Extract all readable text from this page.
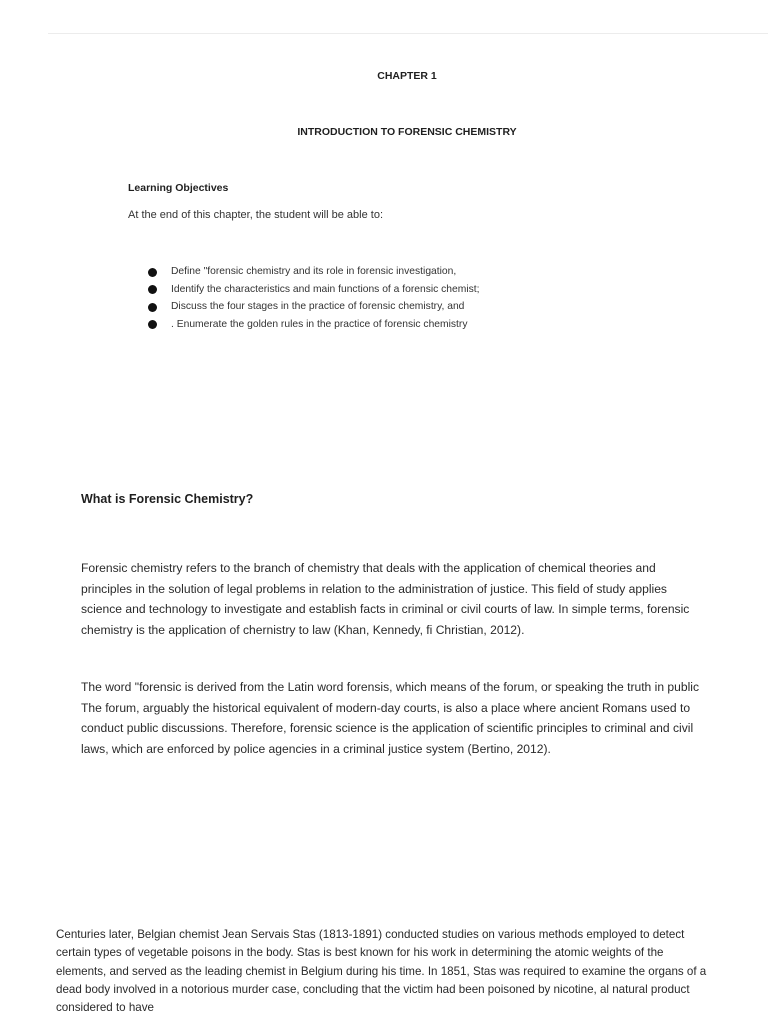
CHAPTER 1
INTRODUCTION TO FORENSIC CHEMISTRY
Learning Objectives
At the end of this chapter, the student will be able to:
Define "forensic chemistry and its role in forensic investigation,
Identify the characteristics and main functions of a forensic chemist;
Discuss the four stages in the practice of forensic chemistry, and
. Enumerate the golden rules in the practice of forensic chemistry
What is Forensic Chemistry?

Forensic chemistry refers to the branch of chemistry that deals with the application of chemical theories and principles in the solution of legal problems in relation to the administration of justice. This field of study applies science and technology to investigate and establish facts in criminal or civil courts of law. In simple terms, forensic chemistry is the application of chernistry to law (Khan, Kennedy, fi Christian, 2012).

The word "forensic is derived from the Latin word forensis, which means of the forum, or speaking the truth in public The forum, arguably the historical equivalent of modern-day courts, is also a place where ancient Romans used to conduct public discussions. Therefore, forensic science is the application of scientific principles to criminal and civil laws, which are enforced by police agencies in a criminal justice system (Bertino, 2012).

Centuries later, Belgian chemist Jean Servais Stas (1813-1891) conducted studies on various methods employed to detect certain types of vegetable poisons in the body. Stas is best known for his work in determining the atomic weights of the elements, and served as the leading chemist in Belgium during his time. In 1851, Stas was required to examine the organs of a dead body involved in a notorious murder case, concluding that the victim had been poisoned by nicotine, al natural product considered to have
